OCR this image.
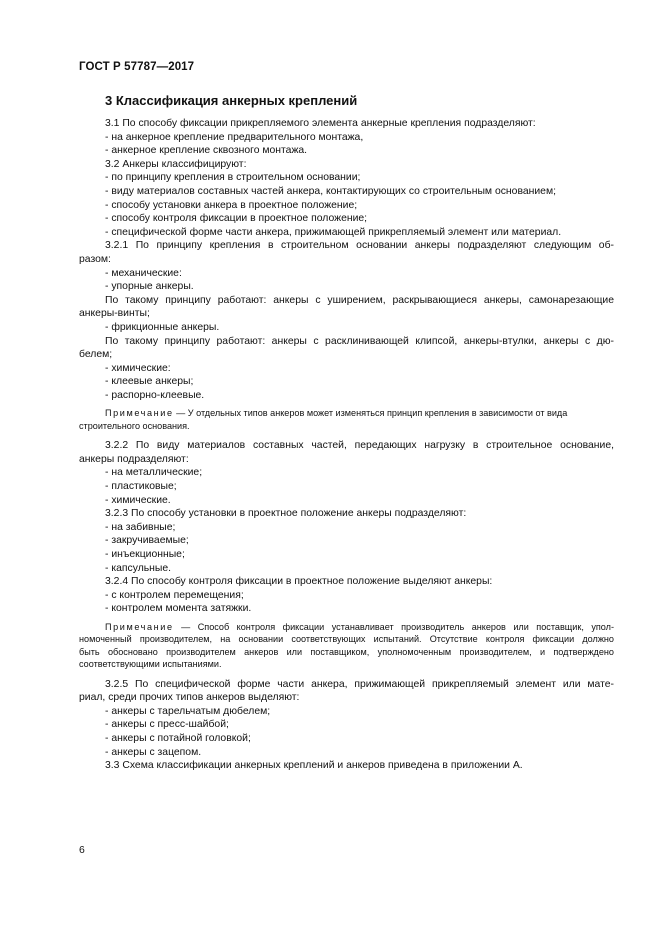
ГОСТ Р 57787—2017
3 Классификация анкерных креплений

3.1 По способу фиксации прикрепляемого элемента анкерные крепления подразделяют:

- на анкерное крепление предварительного монтажа,

- анкерное крепление сквозного монтажа.

3.2 Анкеры классифицируют:

- по принципу крепления в строительном основании;

- виду материалов составных частей анкера, контактирующих со строительным основанием;

- способу установки анкера в проектное положение;

- способу контроля фиксации в проектное положение;

- специфической форме части анкера, прижимающей прикрепляемый элемент или материал.

3.2.1 По принципу крепления в строительном основании анкеры подразделяют следующим об-

разом:

- механические:

- упорные анкеры.

По такому принципу работают: анкеры с уширением, раскрывающиеся анкеры, самонарезающие

анкеры-винты;

- фрикционные анкеры.

По такому принципу работают: анкеры с расклинивающей клипсой, анкеры-втулки, анкеры с дю-

белем;

- химические:

- клеевые анкеры;

- распорно-клеевые.

Примечание — У отдельных типов анкеров может изменяться принцип крепления в зависимости от вида
строительного основания.

3.2.2 По виду материалов составных частей, передающих нагрузку в строительное основание,

анкеры подразделяют:

- на металлические;

- пластиковые;

- химические.

3.2.3 По способу установки в проектное положение анкеры подразделяют:

- на забивные;

- закручиваемые;

- инъекционные;

- капсульные.

3.2.4 По способу контроля фиксации в проектное положение выделяют анкеры:

- с контролем перемещения;

- контролем момента затяжки.

Примечание — Способ контроля фиксации устанавливает производитель анкеров или поставщик, упол-
номоченный производителем, на основании соответствующих испытаний. Отсутствие контроля фиксации должно
быть обосновано производителем анкеров или поставщиком, уполномоченным производителем, и подтверждено
соответствующими испытаниями.

3.2.5 По специфической форме части анкера, прижимающей прикрепляемый элемент или мате-

риал, среди прочих типов анкеров выделяют:

- анкеры с тарельчатым дюбелем;

- анкеры с пресс-шайбой;

- анкеры с потайной головкой;

- анкеры с зацепом.

3.3 Схема классификации анкерных креплений и анкеров приведена в приложении А.

6
